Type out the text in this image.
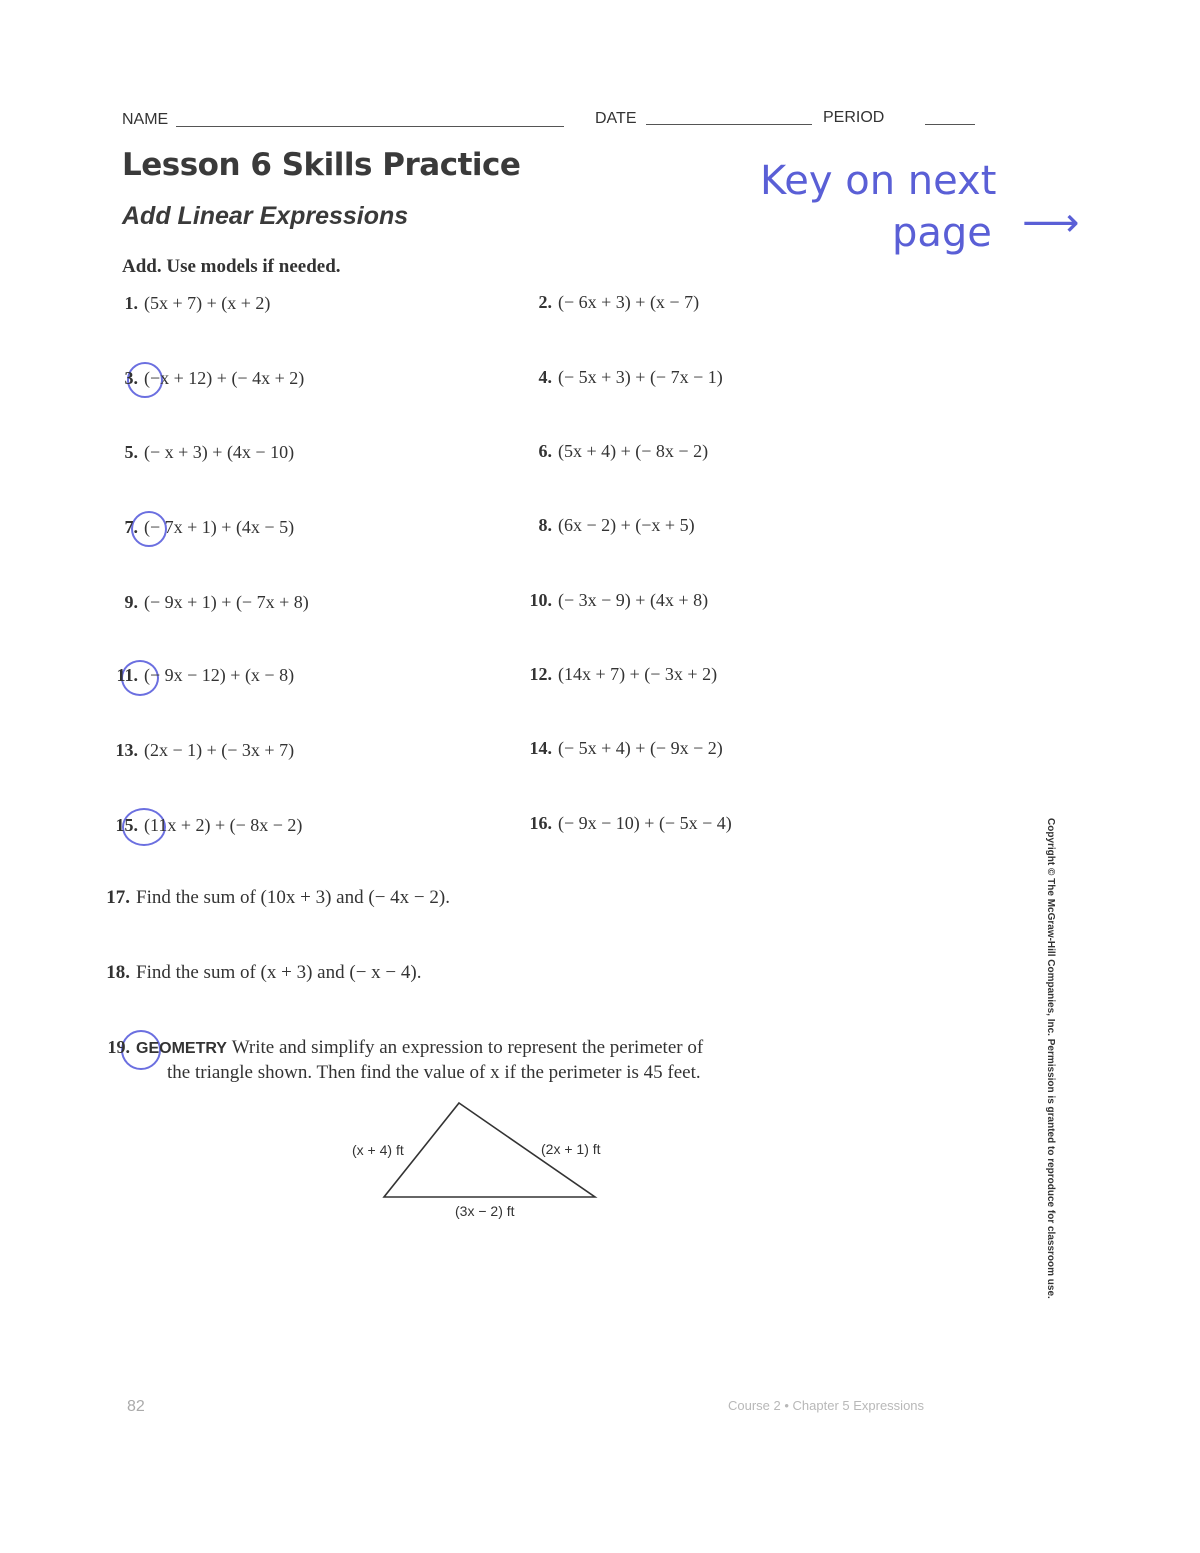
NAME	DATE	PERIOD
Lesson 6 Skills Practice
Add Linear Expressions
Add. Use models if needed.
Key on next
page ⟶
1. (5x + 7) + (x + 2)	2. (− 6x + 3) + (x − 7)
3. (−x + 12) + (− 4x + 2)	4. (− 5x + 3) + (− 7x − 1)
5. (− x + 3) + (4x − 10)	6. (5x + 4) + (− 8x − 2)
7. (− 7x + 1) + (4x − 5)	8. (6x − 2) + (−x + 5)
9. (− 9x + 1) + (− 7x + 8)	10. (− 3x − 9) + (4x + 8)
11. (− 9x − 12) + (x − 8)	12. (14x + 7) + (− 3x + 2)
13. (2x − 1) + (− 3x + 7)	14. (− 5x + 4) + (− 9x − 2)
15. (11x + 2) + (− 8x − 2)	16. (− 9x − 10) + (− 5x − 4)
17. Find the sum of (10x + 3) and (− 4x − 2).
18. Find the sum of (x + 3) and (− x − 4).
19. GEOMETRY Write and simplify an expression to represent the perimeter of
the triangle shown. Then find the value of x if the perimeter is 45 feet.
(x + 4) ft	(2x + 1) ft
(3x − 2) ft	Copyright © The McGraw-Hill Companies, Inc. Permission is granted to reproduce for classroom use.
82	Course 2 • Chapter 5 Expressions
